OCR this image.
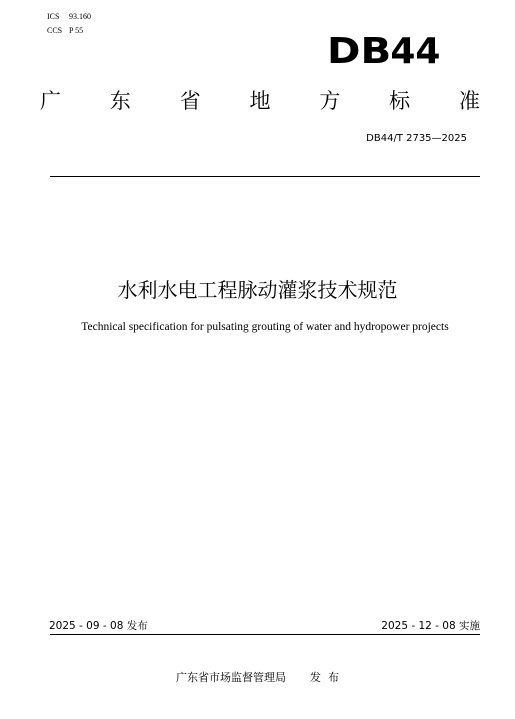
ICS 93.160
CCS P 55
DB44
广 东 省 地 方 标 准
DB44/T 2735—2025
水利水电工程脉动灌浆技术规范
Technical specification for pulsating grouting of water and hydropower projects
2025 - 09 - 08 发布	2025 - 12 - 08 实施
广东省市场监督管理局 发  布
